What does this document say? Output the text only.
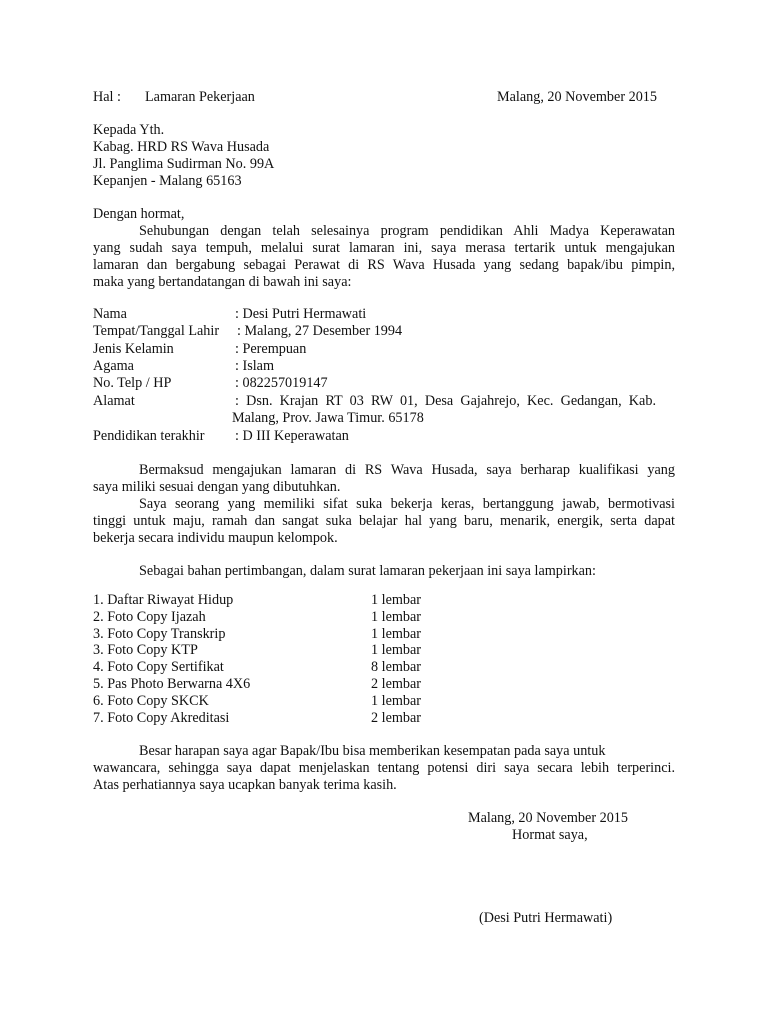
Hal : Lamaran Pekerjaan	Malang, 20 November 2015
Kepada Yth.
Kabag. HRD RS Wava Husada
Jl. Panglima Sudirman No. 99A
Kepanjen - Malang 65163
Dengan hormat,
Sehubungan dengan telah selesainya program pendidikan Ahli Madya Keperawatan
yang sudah saya tempuh, melalui surat lamaran ini, saya merasa tertarik untuk mengajukan
lamaran dan bergabung sebagai Perawat di RS Wava Husada yang sedang bapak/ibu pimpin,
maka yang bertandatangan di bawah ini saya:
Nama	: Desi Putri Hermawati
Tempat/Tanggal Lahir : Malang, 27 Desember 1994
Jenis Kelamin	: Perempuan
Agama	: Islam
No. Telp / HP	: 082257019147
Alamat	: Dsn. Krajan RT 03 RW 01, Desa Gajahrejo, Kec. Gedangan, Kab.
Malang, Prov. Jawa Timur. 65178
Pendidikan terakhir : D III Keperawatan
Bermaksud mengajukan lamaran di RS Wava Husada, saya berharap kualifikasi yang
saya miliki sesuai dengan yang dibutuhkan.
Saya seorang yang memiliki sifat suka bekerja keras, bertanggung jawab, bermotivasi
tinggi untuk maju, ramah dan sangat suka belajar hal yang baru, menarik, energik, serta dapat
bekerja secara individu maupun kelompok.
Sebagai bahan pertimbangan, dalam surat lamaran pekerjaan ini saya lampirkan:
1. Daftar Riwayat Hidup	1 lembar
2. Foto Copy Ijazah	1 lembar
3. Foto Copy Transkrip	1 lembar
3. Foto Copy KTP	1 lembar
4. Foto Copy Sertifikat	8 lembar
5. Pas Photo Berwarna 4X6	2 lembar
6. Foto Copy SKCK	1 lembar
7. Foto Copy Akreditasi	2 lembar
Besar harapan saya agar Bapak/Ibu bisa memberikan kesempatan pada saya untuk
wawancara, sehingga saya dapat menjelaskan tentang potensi diri saya secara lebih terperinci.
Atas perhatiannya saya ucapkan banyak terima kasih.
Malang, 20 November 2015
Hormat saya,
(Desi Putri Hermawati)
